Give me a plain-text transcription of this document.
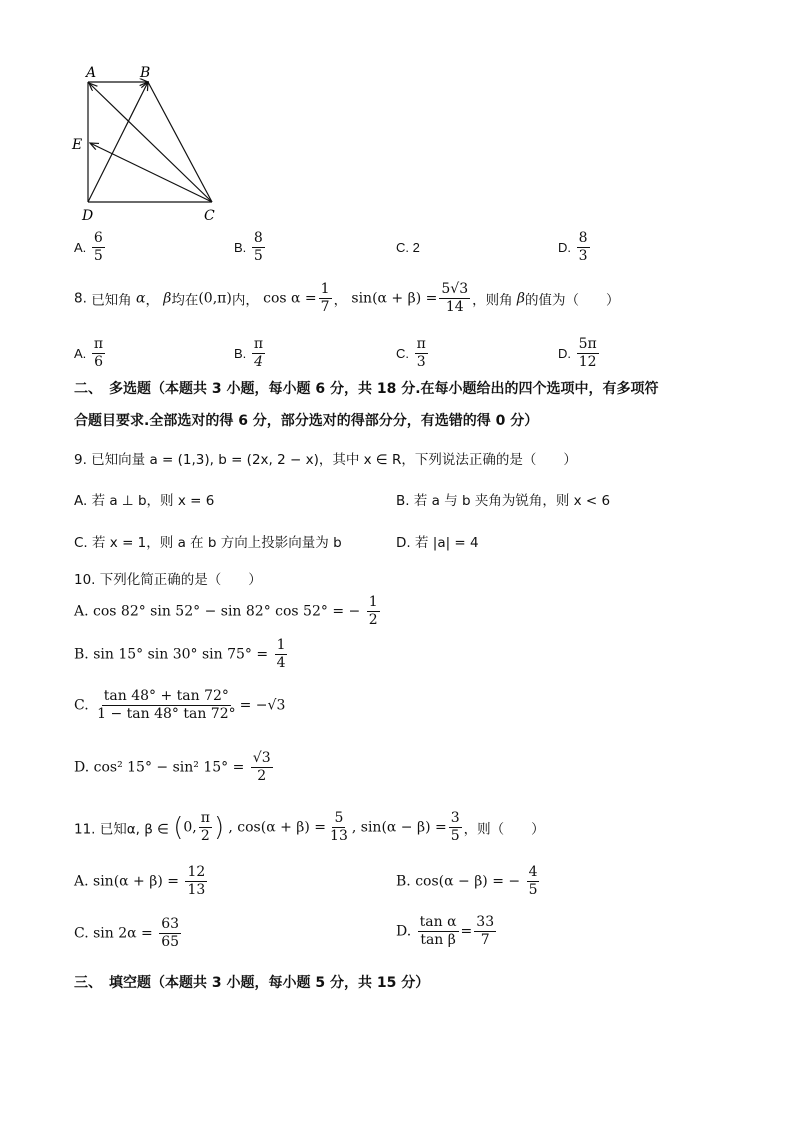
A	B
E
D	C
A. $\frac{6}{5}$	B. $\frac{8}{5}$	C. 2	D. $\frac{8}{3}$
8. 已知角 α， β均在(0,π)内， $\cos \alpha = \frac{1}{7}$ ， $\sin(\alpha + \beta) = \frac{5√3}{14}$ ，则角 β的值为（　　）
A. $\frac{\pi}{6}$	B. $\frac{\pi}{4}$	C. $\frac{\pi}{3}$	D. $\frac{5\pi}{12}$
二、　多选题（本题共 3 小题，每小题 6 分，共 18 分.在每小题给出的四个选项中，有多项符
合题目要求.全部选对的得 6 分，部分选对的得部分分，有选错的得 0 分）
9. 已知向量 a = (1,3), b = (2x, 2 − x)，其中 x ∈ R，下列说法正确的是（　　）
A. 若 a ⊥ b，则 x = 6	B. 若 a 与 b 夹角为锐角，则 x < 6
C. 若 x = 1，则 a 在 b 方向上投影向量为 b	D. 若 |a| = 4
10. 下列化简正确的是（　　）
A. cos 82° sin 52° − sin 82° cos 52° = − $\frac{1}{2}$
B. sin 15° sin 30° $\sin 75^\circ = \frac{1}{4}$
C. $\frac{\tan 48^\circ + \tan 72^\circ}{1 - \tan 48^\circ \tan 72^\circ} = -√3$
D. cos² 15° − sin² $15^\circ = \frac{√3}{2}$
11. 已知α, β ∈ (0, $\frac{\pi}{2}$ ) , $\cos(\alpha + \beta) = \frac{5}{13}$ , $\sin(\alpha - \beta) = \frac{3}{5}$ ，则（　　）
A. $\sin(\alpha + \beta) = \frac{12}{13}$	B. cos(α − β) = − $\frac{4}{5}$
C. $\sin 2\alpha = \frac{63}{65}$	D. $\frac{\text{tan α}}{\text{tan β}} = \frac{33}{7}$
三、　填空题（本题共 3 小题，每小题 5 分，共 15 分）
